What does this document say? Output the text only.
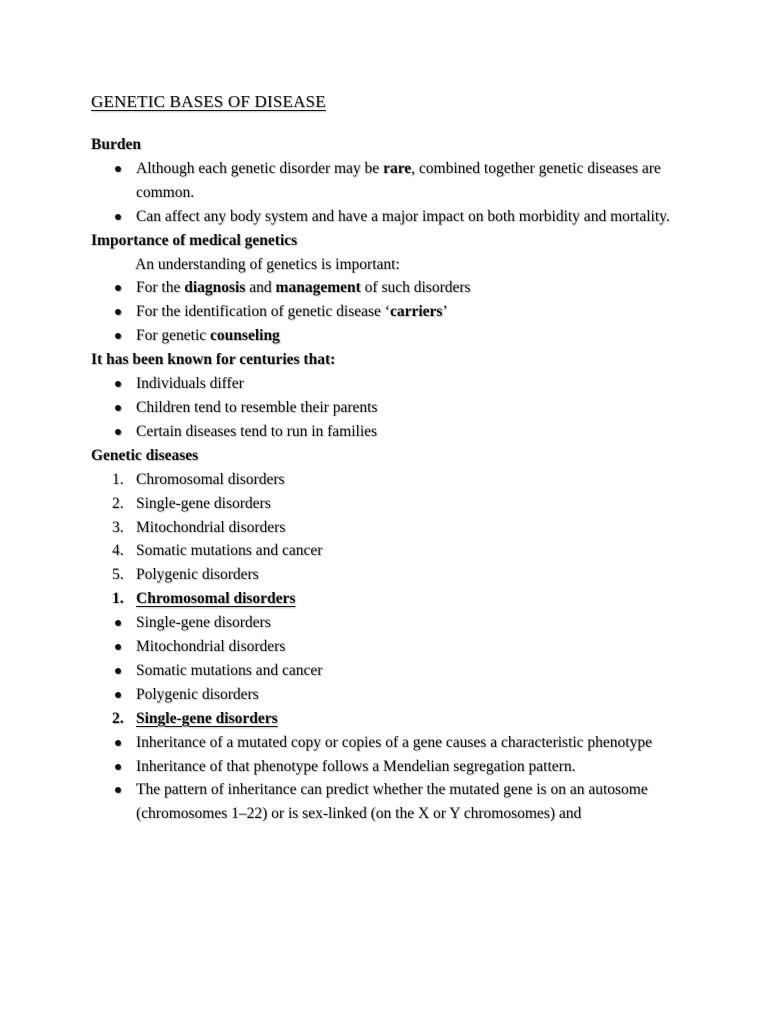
GENETIC BASES OF DISEASE
Burden
Although each genetic disorder may be rare, combined together genetic diseases are common.
Can affect any body system and have a major impact on both morbidity and mortality.
Importance of medical genetics
An understanding of genetics is important:
For the diagnosis and management of such disorders
For the identification of genetic disease ‘carriers’
For genetic counseling
It has been known for centuries that:
Individuals differ
Children tend to resemble their parents
Certain diseases tend to run in families
Genetic diseases
1. Chromosomal disorders
2. Single-gene disorders
3. Mitochondrial disorders
4. Somatic mutations and cancer
5. Polygenic disorders
1. Chromosomal disorders
Single-gene disorders
Mitochondrial disorders
Somatic mutations and cancer
Polygenic disorders
2. Single-gene disorders
Inheritance of a mutated copy or copies of a gene causes a characteristic phenotype
Inheritance of that phenotype follows a Mendelian segregation pattern.
The pattern of inheritance can predict whether the mutated gene is on an autosome (chromosomes 1–22) or is sex-linked (on the X or Y chromosomes) and
